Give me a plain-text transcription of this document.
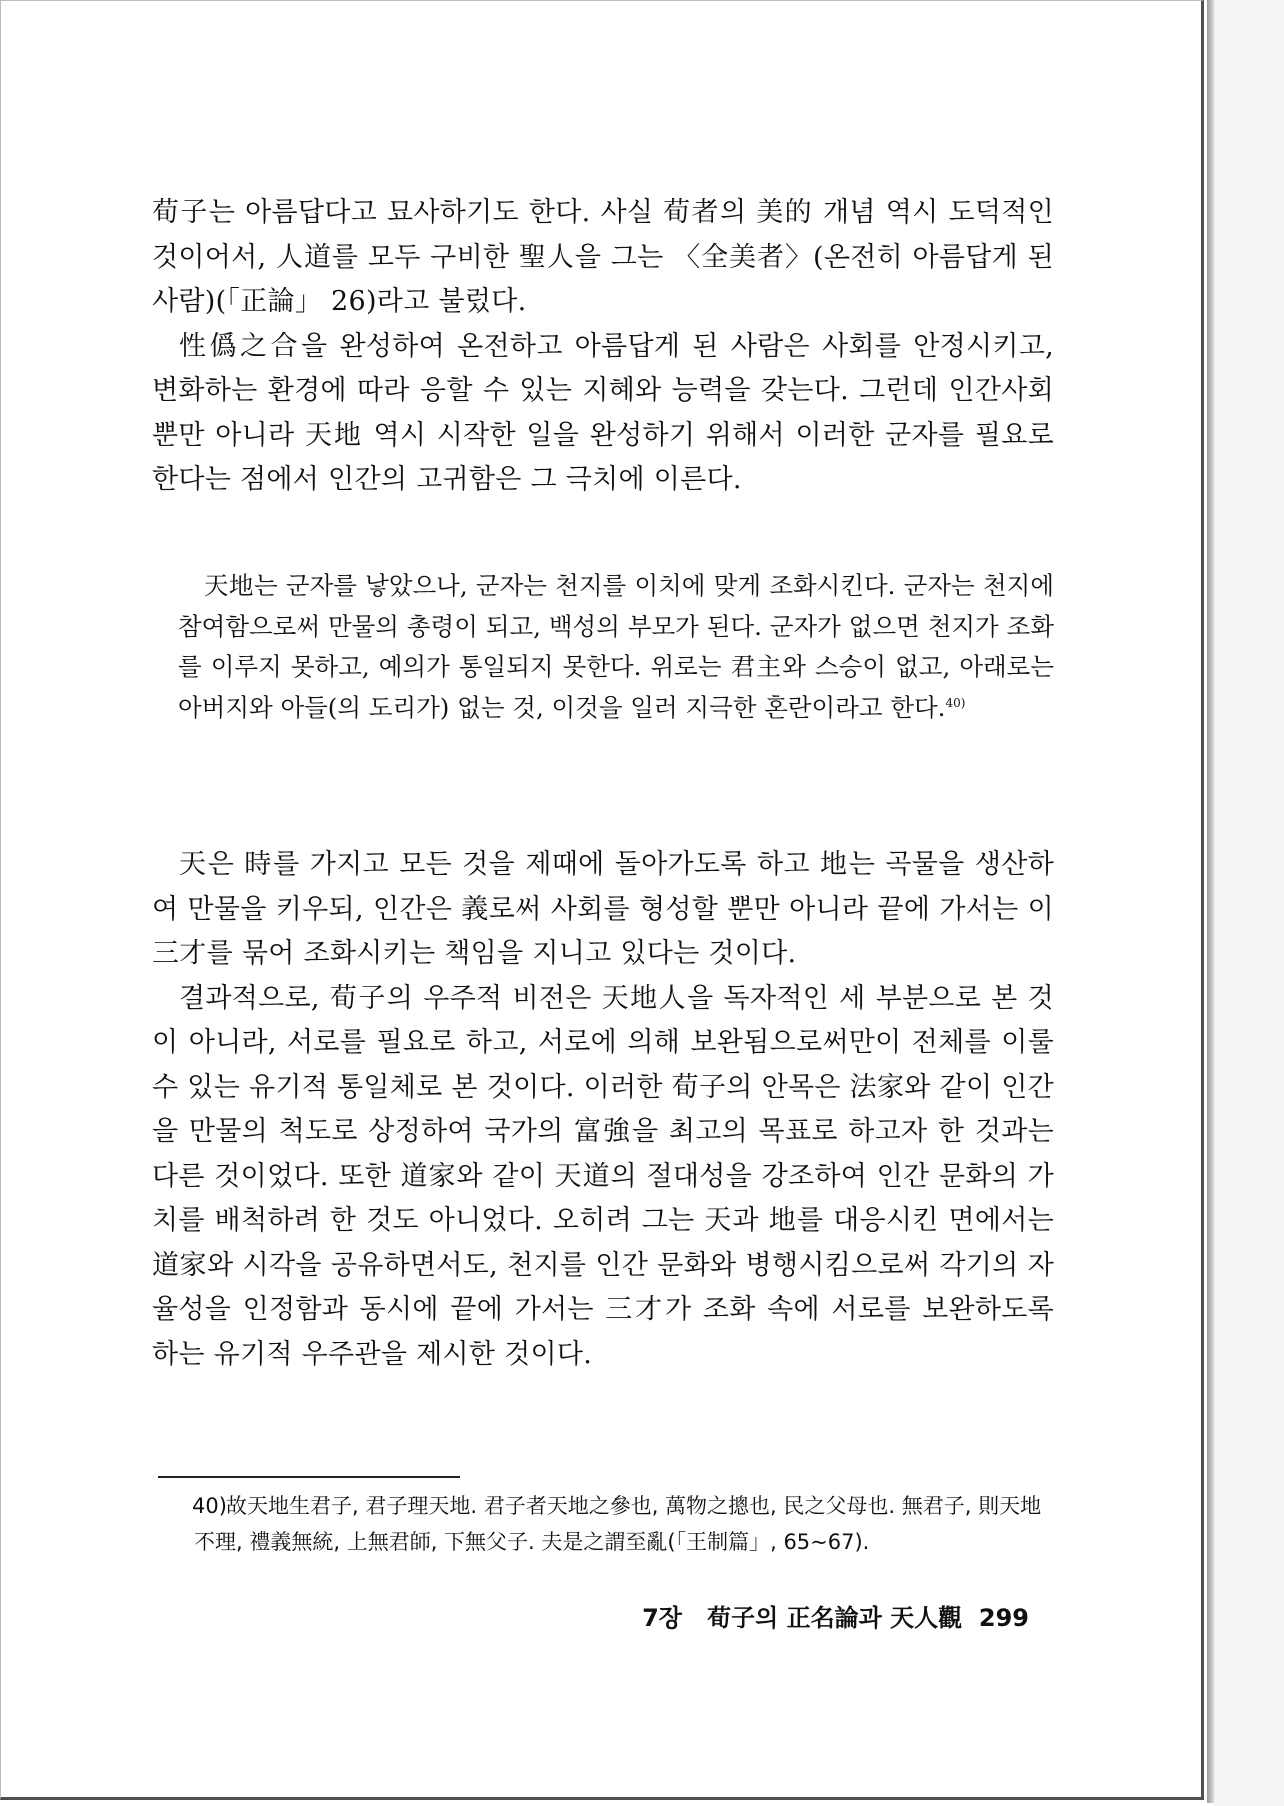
荀子는 아름답다고 묘사하기도 한다. 사실 荀者의 美的 개념 역시 도덕적인 것이어서, 人道를 모두 구비한 聖人을 그는 〈全美者〉(온전히 아름답게 된 사람)(「正論」 26)라고 불렀다.

性僞之合을 완성하여 온전하고 아름답게 된 사람은 사회를 안정시키고, 변화하는 환경에 따라 응할 수 있는 지혜와 능력을 갖는다. 그런데 인간사회 뿐만 아니라 天地 역시 시작한 일을 완성하기 위해서 이러한 군자를 필요로 한다는 점에서 인간의 고귀함은 그 극치에 이른다.

天地는 군자를 낳았으나, 군자는 천지를 이치에 맞게 조화시킨다. 군자는 천지에 참여함으로써 만물의 총령이 되고, 백성의 부모가 된다. 군자가 없으면 천지가 조화를 이루지 못하고, 예의가 통일되지 못한다. 위로는 君主와 스승이 없고, 아래로는 아버지와 아들(의 도리가) 없는 것, 이것을 일러 지극한 혼란이라고 한다.$^{40)}$

天은 時를 가지고 모든 것을 제때에 돌아가도록 하고 地는 곡물을 생산하여 만물을 키우되, 인간은 義로써 사회를 형성할 뿐만 아니라 끝에 가서는 이 三才를 묶어 조화시키는 책임을 지니고 있다는 것이다.

결과적으로, 荀子의 우주적 비전은 天地人을 독자적인 세 부분으로 본 것이 아니라, 서로를 필요로 하고, 서로에 의해 보완됨으로써만이 전체를 이룰 수 있는 유기적 통일체로 본 것이다. 이러한 荀子의 안목은 法家와 같이 인간을 만물의 척도로 상정하여 국가의 富強을 최고의 목표로 하고자 한 것과는 다른 것이었다. 또한 道家와 같이 天道의 절대성을 강조하여 인간 문화의 가치를 배척하려 한 것도 아니었다. 오히려 그는 天과 地를 대응시킨 면에서는 道家와 시각을 공유하면서도, 천지를 인간 문화와 병행시킴으로써 각기의 자율성을 인정함과 동시에 끝에 가서는 三才가 조화 속에 서로를 보완하도록 하는 유기적 우주관을 제시한 것이다.

40)故天地生君子, 君子理天地. 君子者天地之參也, 萬物之摠也, 民之父母也. 無君子, 則天地不理, 禮義無統, 上無君師, 下無父子. 夫是之謂至亂(「王制篇」, 65~67).
7장 荀子의 正名論과 天人觀 299
